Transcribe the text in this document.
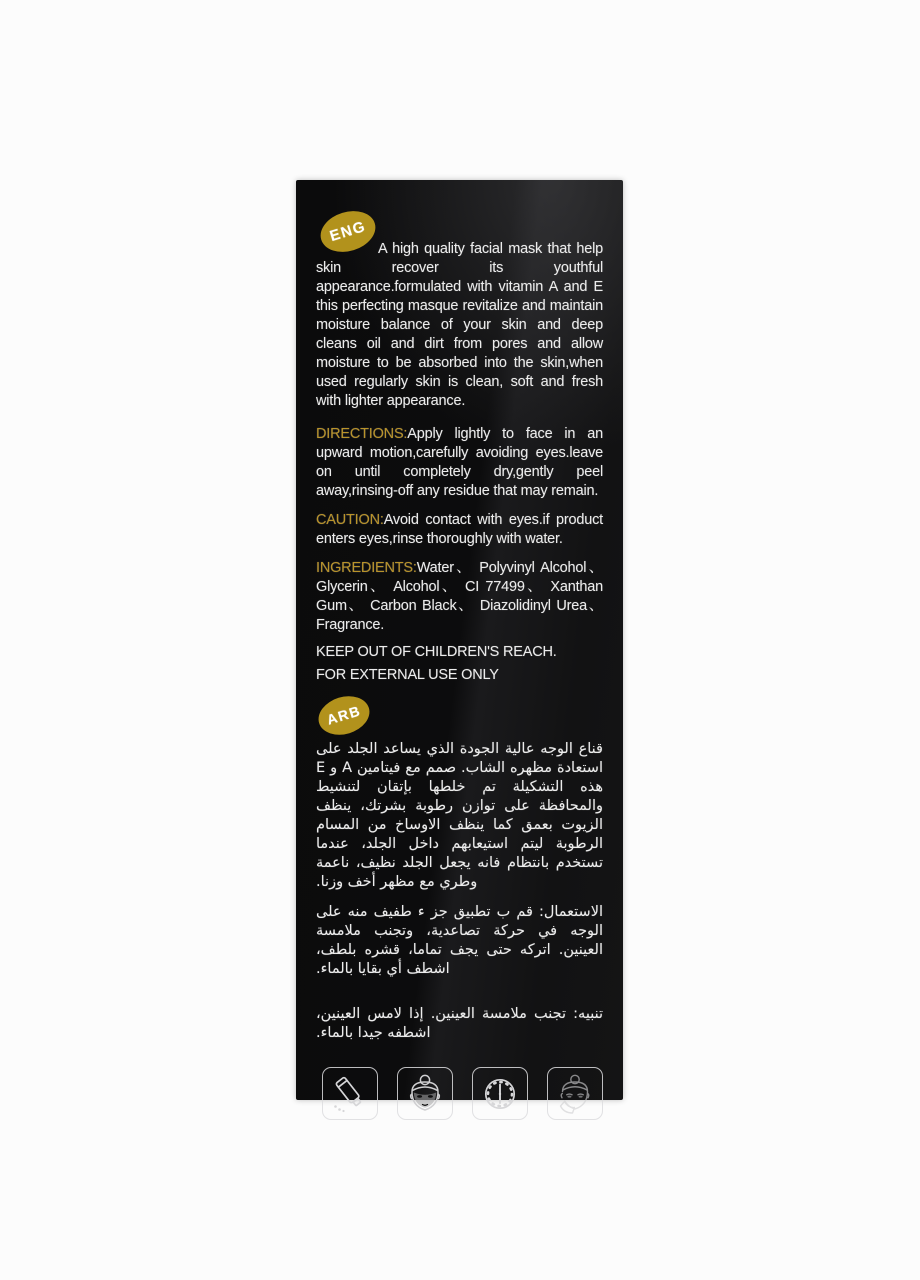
ENG

A high quality facial mask that help skin recover its youthful appearance.formulated with vitamin A and E this perfecting masque revitalize and maintain moisture balance of your skin and deep cleans oil and dirt from pores and allow moisture to be absorbed into the skin,when used regularly skin is clean, soft and fresh with lighter appearance.

DIRECTIONS:Apply lightly to face in an upward motion,carefully avoiding eyes.leave on until completely dry,gently peel away,rinsing-off any residue that may remain.

CAUTION:Avoid contact with eyes.if product enters eyes,rinse thoroughly with water.

INGREDIENTS:Water、 Polyvinyl Alcohol、 Glycerin、 Alcohol、 CI 77499、 Xanthan Gum、 Carbon Black、 Diazolidinyl Urea、 Fragrance.

KEEP OUT OF CHILDREN'S REACH.

FOR EXTERNAL USE ONLY

ARB

قناع الوجه عالية الجودة الذي يساعد الجلد على استعادة مظهره الشاب. صمم مع فيتامين A و E هذه التشكيلة تم خلطها بإتقان لتنشيط والمحافظة على توازن رطوبة بشرتك، ينظف الزيوت بعمق كما ينظف الاوساخ من المسام الرطوبة ليتم استيعابهم داخل الجلد، عندما تستخدم بانتظام فانه يجعل الجلد نظيف، ناعمة وطري مع مظهر أخف وزنا.

الاستعمال: قم ب تطبيق جز ء طفيف منه على الوجه في حركة تصاعدية، وتجنب ملامسة العينين. اتركه حتى يجف تماما، قشره بلطف، اشطف أي بقايا بالماء.

تنبيه: تجنب ملامسة العينين. إذا لامس العينين، اشطفه جيدا بالماء.
